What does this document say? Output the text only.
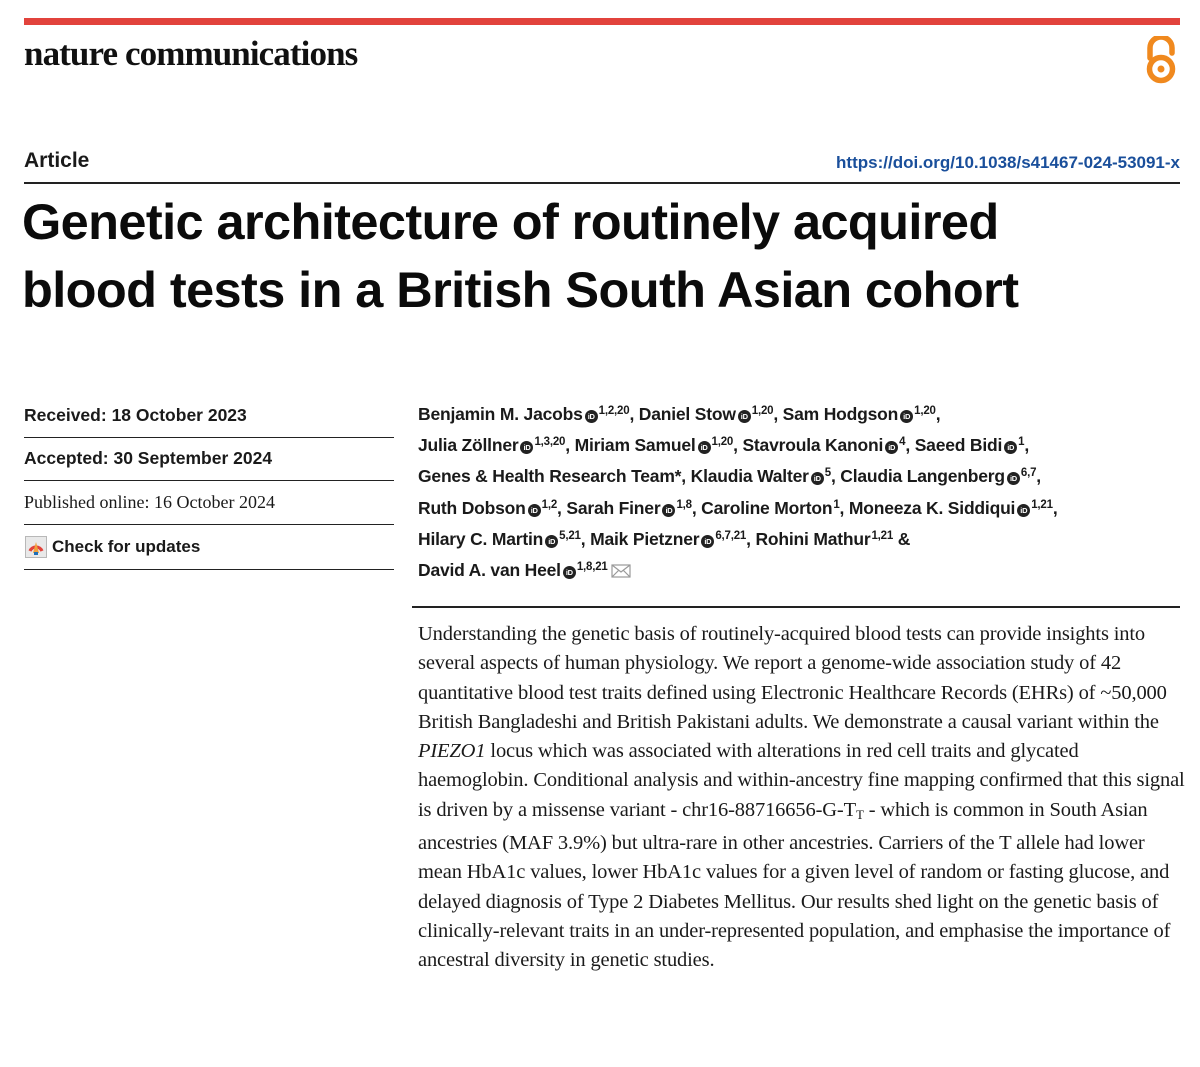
nature communications
Article	https://doi.org/10.1038/s41467-024-53091-x
Genetic architecture of routinely acquired
blood tests in a British South Asian cohort
Received:
18 October 2023
Accepted:
30 September 2024
Published online: 16 October 2024
Check for updates

Benjamin M. Jacobs iD $^{1,2,20}$, Daniel Stow iD $^{1,20}$, Sam Hodgson iD $^{1,20}$,
Julia Zöllner iD $^{1,3,20}$, Miriam Samuel iD $^{1,20}$, Stavroula Kanoni iD $^4$, Saeed Bidi iD $^1$,
Genes & Health Research Team*, Klaudia Walter iD $^5$, Claudia Langenberg iD $^{6,7}$,
Ruth Dobson iD $^{1,2}$, Sarah Finer iD $^{1,8}$, Caroline Morton$^1$, Moneeza K. Siddiqui iD $^{1,21}$,
Hilary C. Martin iD $^{5,21}$, Maik Pietzner iD $^{6,7,21}$, Rohini Mathur$^{1,21}$ &
David A. van Heel iD $^{1,8,21}$

Understanding the genetic basis of routinely-acquired blood tests can provide insights into several aspects of human physiology. We report a genome-wide association study of 42 quantitative blood test traits defined using Electronic Healthcare Records (EHRs) of ~50,000 British Bangladeshi and British Pakistani adults. We demonstrate a causal variant within the PIEZO1 locus which was associated with alterations in red cell traits and glycated haemoglobin. Conditional analysis and within-ancestry fine mapping confirmed that this signal is driven by a missense variant - $chr16-88716656-G-T_T$ - which is common in South Asian ancestries (MAF 3.9%) but ultra-rare in other ancestries. Carriers of the T allele had lower mean HbA1c values, lower HbA1c values for a given level of random or fasting glucose, and delayed diagnosis of Type 2 Diabetes Mellitus. Our results shed light on the genetic basis of clinically-relevant traits in an under-represented population, and emphasise the importance of ancestral diversity in genetic studies.
